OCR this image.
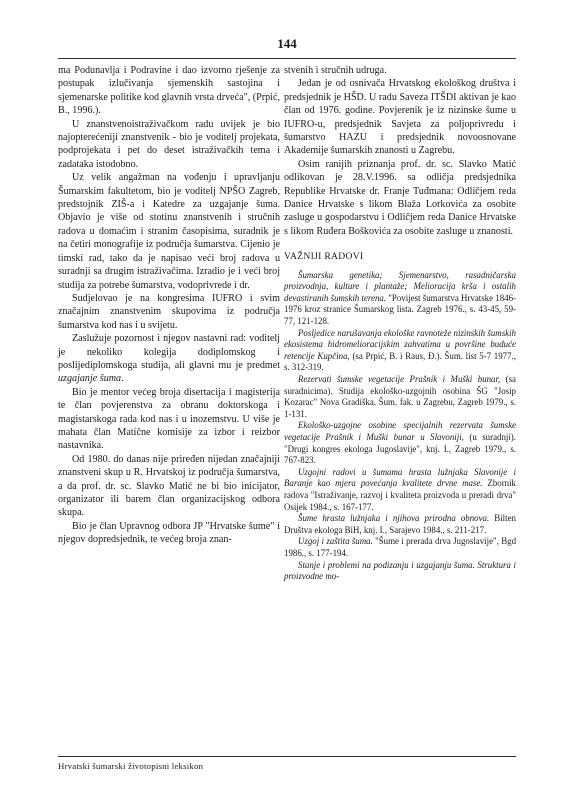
144

ma Podunavlja i Podravine i dao izvorno rješenje za postupak izlučivanja sjemenskih sastojina i sjemenarske politike kod glavnih vrsta drveća", (Prpić, B., 1996.).

U znanstvenoistraživačkom radu uvijek je bio najopterećeniji znanstvenik - bio je voditelj projekata, podprojekata i pet do deset istraživačkih tema i zadataka istodobno.

Uz velik angažman na vođenju i upravljanju Šumarskim fakultetom, bio je voditelj NPŠO Zagreb, predstojnik ZIŠ-a i Katedre za uzgajanje šuma. Objavio je više od stotinu znanstvenih i stručnih radova u domaćim i stranim časopisima, suradnik je na četiri monografije iz područja šumarstva. Cijenio je timski rad, tako da je napisao veći broj radova u suradnji sa drugim istraživačima. Izradio je i veći broj studija za potrebe šumarstva, vodoprivrede i dr.

Sudjelovao je na kongresima IUFRO i svim značajnim znanstvenim skupovima iz područja šumarstva kod nas i u svijetu.

Zaslužuje pozornost i njegov nastavni rad: voditelj je nekoliko kolegija dodiplomskog i poslijediplomskoga studija, ali glavni mu je predmet uzgajanje šuma.

Bio je mentor većeg broja disertacija i magisterija te član povjerenstva za obranu doktorskoga i magistarskoga rada kod nas i u inozemstvu. U više je mahata član Matične komisije za izbor i reizbor nastavnika.

Od 1980. do danas nije priređen nijedan značajniji znanstveni skup u R. Hrvatskoj iz područja šumarstva, a da prof. dr. sc. Slavko Matić ne bi bio inicijator, organizator ili barem član organizacijskog odbora skupa.

Bio je član Upravnog odbora JP "Hrvatske šume" i njegov dopredsjednik, te većeg broja znan-

stvenih i stručnih udruga.

Jedan je od osnivača Hrvatskog ekološkog društva i predsjednik je HŠD. U radu Saveza ITŠDI aktivan je kao član od 1976. godine. Povjerenik je iz nizinske šume u IUFRO-u, predsjednik Savjeta za poljoprivredu i šumarstvo HAZU i predsjednik novoosnovane Akademije šumarskih znanosti u Zagrebu.

Osim ranijih priznanja prof. dr. sc. Slavko Matić odlikovan je 28.V.1996. sa odličja predsjednika Republike Hrvatske dr. Franje Tuđmana: Odličjem reda Danice Hrvatske s likom Blaža Lorkovića za osobite zasluge u gospodarstvu i Odličjem reda Danice Hrvatske s likom Ruđera Boškovića za osobite zasluge u znanosti.

VAŽNIJI RADOVI

Šumarska genetika; Sjemenarstvo, rasadničarska proizvodnja, kulture i plantaže; Melioracija krša i ostalih devastiranih šumskih terena. "Povijest šumarstva Hrvatske 1846-1976 kroz stranice Šumarskog lista. Zagreb 1976., s. 43-45, 59-77, 121-128.

Posljedice narušavanja ekološke ravnoteže nizinskih šumskih ekosistema hidromelioracijskim zahvatima u površine buduće retencije Kupčina, (sa Prpić, B. i Raus, Đ.). Šum. list 5-7 1977., s. 312-319.

Rezervati šumske vegetacije Prašnik i Muški bunar, (sa suradnicima). Studija ekološko-uzgojnih osobina ŠG "Josip Kozarac" Nova Gradiška. Šum. fak. u Zagrebu, Zagreb 1979., s. 1-131.

Ekološko-uzgojne osobine specijalnih rezervata šumske vegetacije Prašnik i Muški bunar u Slavoniji, (u suradnji). "Drugi kongres ekologa Jugoslavije", knj. I., Zagreb 1979., s. 767-823.

Uzgojni radovi u šumama hrasta lužnjaka Slavonije i Baranje kao mjera povećanja kvalitete drvne mase. Zbornik radova "Istraživanje, razvoj i kvaliteta proizvoda u preradi drva" Osijek 1984., s. 167-177.

Šume hrasta lužnjaka i njihova prirodna obnova. Bilten Društva ekologa BiH, knj. I., Sarajevo 1984., s. 211-217.

Uzgoj i zaštita šuma. "Šume i prerada drva Jugoslavije", Bgd 1986., s. 177-194.

Stanje i problemi na podizanju i uzgajanju šuma. Struktura i proizvodne mo-

Hrvatski šumarski životopisni leksikon
